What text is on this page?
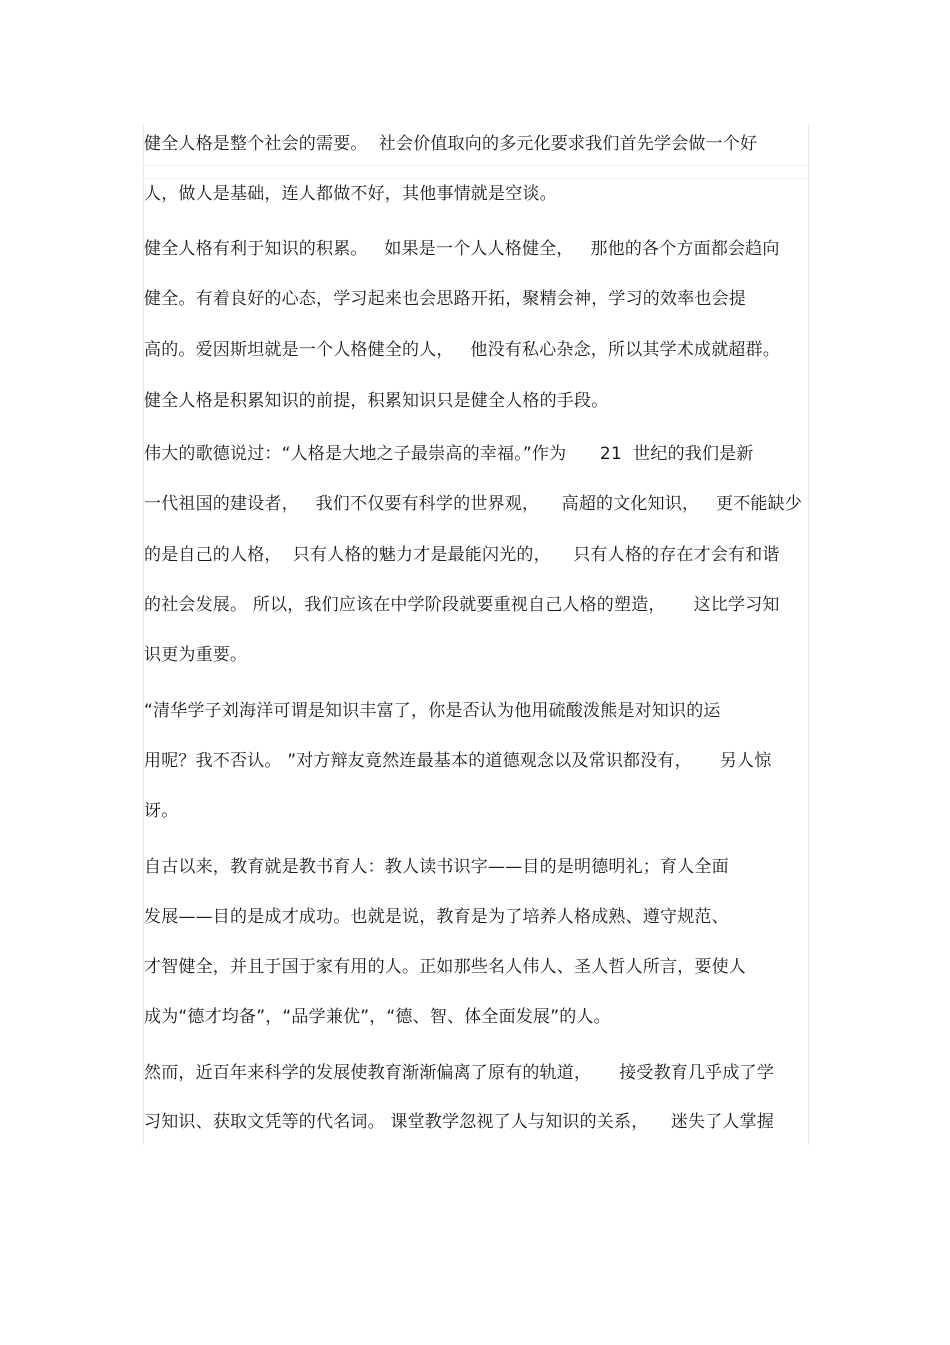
健全人格是整个社会的需要。  社会价值取向的多元化要求我们首先学会做一个好
人，做人是基础，连人都做不好，其他事情就是空谈。
健全人格有利于知识的积累。   如果是一个人人格健全，   那他的各个方面都会趋向
健全。有着良好的心态，学习起来也会思路开拓，聚精会神，学习的效率也会提
高的。爱因斯坦就是一个人格健全的人，   他没有私心杂念，所以其学术成就超群。
健全人格是积累知识的前提，积累知识只是健全人格的手段。
伟大的歌德说过：“人格是大地之子最崇高的幸福。”作为      21  世纪的我们是新
一代祖国的建设者，   我们不仅要有科学的世界观，    高超的文化知识，   更不能缺少
的是自己的人格，  只有人格的魅力才是最能闪光的，    只有人格的存在才会有和谐
的社会发展。 所以，我们应该在中学阶段就要重视自己人格的塑造，     这比学习知
识更为重要。
“清华学子刘海洋可谓是知识丰富了，你是否认为他用硫酸泼熊是对知识的运
用呢？我不否认。 ”对方辩友竟然连最基本的道德观念以及常识都没有，     另人惊
讶。
自古以来，教育就是教书育人：教人读书识字——目的是明德明礼；育人全面
发展——目的是成才成功。也就是说，教育是为了培养人格成熟、遵守规范、
才智健全，并且于国于家有用的人。正如那些名人伟人、圣人哲人所言，要使人
成为“德才均备”，“品学兼优”，“德、智、体全面发展”的人。
然而，近百年来科学的发展使教育渐渐偏离了原有的轨道，     接受教育几乎成了学
习知识、获取文凭等的代名词。 课堂教学忽视了人与知识的关系，    迷失了人掌握
